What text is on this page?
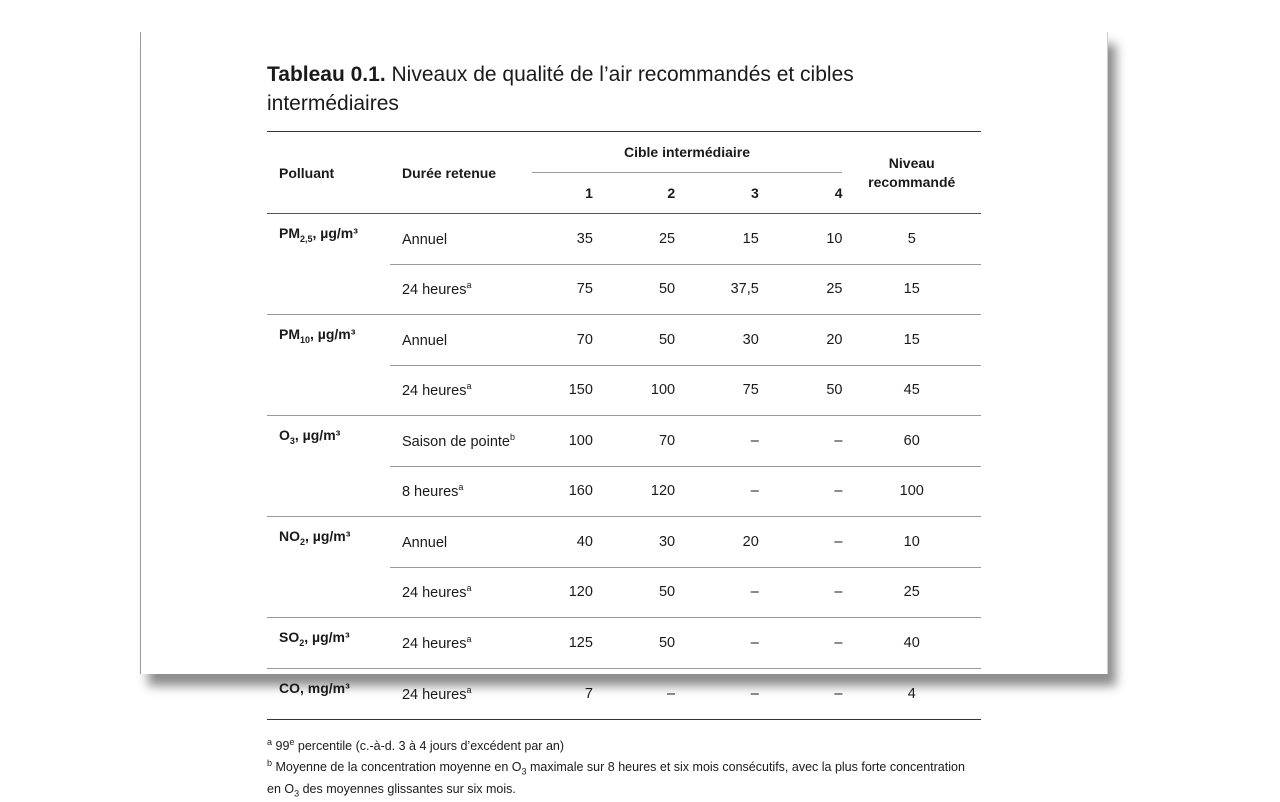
Tableau 0.1. Niveaux de qualité de l’air recommandés et cibles intermédiaires
Polluant	Durée retenue	Cible intermédiaire				Niveau recommandé
		1	2	3	4	
$PM_{2,5}$, µg/m³	Annuel	35	25	15	10	5
	24 heures$^a$	75	50	37,5	25	15
$PM_{10}$, µg/m³	Annuel	70	50	30	20	15
	24 heures$^a$	150	100	75	50	45
$O_3$, µg/m³	Saison de pointe$^b$	100	70	–	–	60
	8 heures$^a$	160	120	–	–	100
$NO_2$, µg/m³	Annuel	40	30	20	–	10
	24 heures$^a$	120	50	–	–	25
$SO_2$, µg/m³	24 heures$^a$	125	50	–	–	40
CO, mg/m³	24 heures$^a$	7	–	–	–	4

$^a$ 99e percentile (c.-à-d. 3 à 4 jours d’excédent par an)

$^b$ Moyenne de la concentration moyenne en $O_3$ maximale sur 8 heures et six mois consécutifs, avec la plus forte concentration en $O_3$ des moyennes glissantes sur six mois.
